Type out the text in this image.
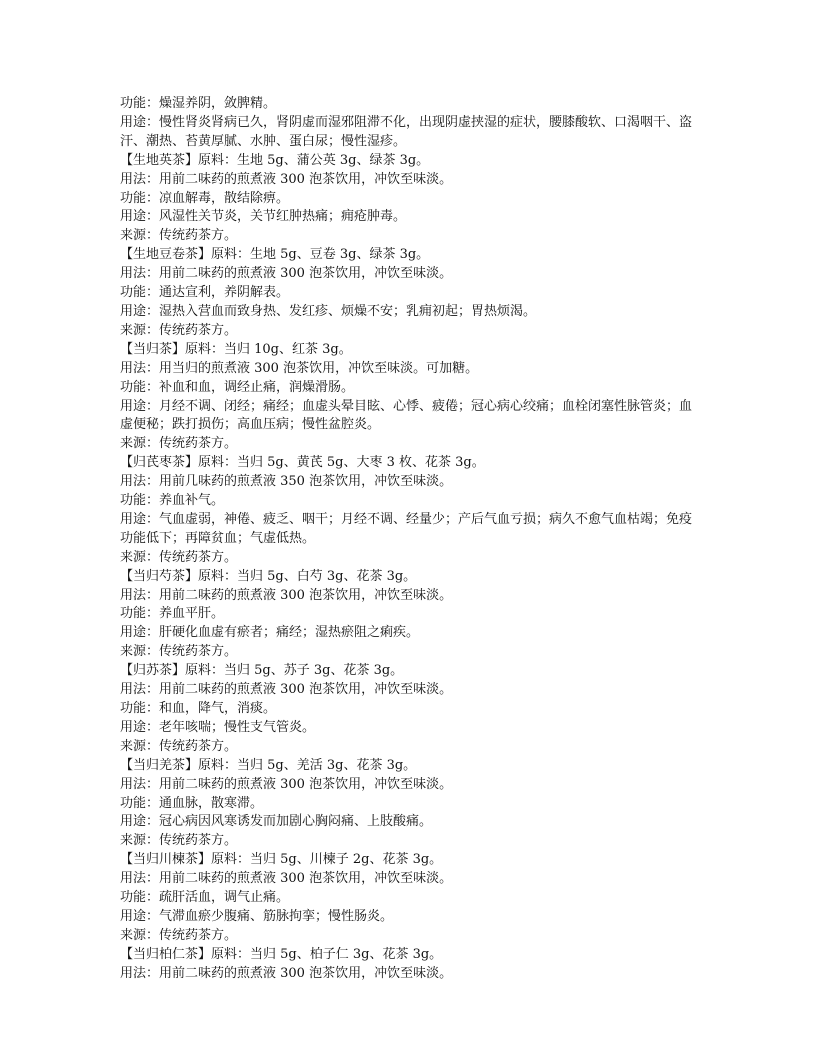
功能：燥湿养阴，敛脾精。
用途：慢性肾炎肾病已久，肾阴虚而湿邪阻滞不化，出现阴虚挟湿的症状，腰膝酸软、口渴咽干、盗汗、潮热、苔黄厚腻、水肿、蛋白尿；慢性湿疹。
【生地英茶】原料：生地 5g、蒲公英 3g、绿茶 3g。
用法：用前二味药的煎煮液 300 泡茶饮用，冲饮至味淡。
功能：凉血解毒，散结除痹。
用途：风湿性关节炎，关节红肿热痛；痈疮肿毒。
来源：传统药茶方。
【生地豆卷茶】原料：生地 5g、豆卷 3g、绿茶 3g。
用法：用前二味药的煎煮液 300 泡茶饮用，冲饮至味淡。
功能：通达宣利，养阴解表。
用途：湿热入营血而致身热、发红疹、烦燥不安；乳痈初起；胃热烦渴。
来源：传统药茶方。
【当归茶】原料：当归 10g、红茶 3g。
用法：用当归的煎煮液 300 泡茶饮用，冲饮至味淡。可加糖。
功能：补血和血，调经止痛，润燥滑肠。
用途：月经不调、闭经；痛经；血虚头晕目眩、心悸、疲倦；冠心病心绞痛；血栓闭塞性脉管炎；血虚便秘；跌打损伤；高血压病；慢性盆腔炎。
来源：传统药茶方。
【归芪枣茶】原料：当归 5g、黄芪 5g、大枣 3 枚、花茶 3g。
用法：用前几味药的煎煮液 350 泡茶饮用，冲饮至味淡。
功能：养血补气。
用途：气血虚弱，神倦、疲乏、咽干；月经不调、经量少；产后气血亏损；病久不愈气血枯竭；免疫功能低下；再障贫血；气虚低热。
来源：传统药茶方。
【当归芍茶】原料：当归 5g、白芍 3g、花茶 3g。
用法：用前二味药的煎煮液 300 泡茶饮用，冲饮至味淡。
功能：养血平肝。
用途：肝硬化血虚有瘀者；痛经；湿热瘀阻之痢疾。
来源：传统药茶方。
【归苏茶】原料：当归 5g、苏子 3g、花茶 3g。
用法：用前二味药的煎煮液 300 泡茶饮用，冲饮至味淡。
功能：和血，降气，消痰。
用途：老年咳喘；慢性支气管炎。
来源：传统药茶方。
【当归羌茶】原料：当归 5g、羌活 3g、花茶 3g。
用法：用前二味药的煎煮液 300 泡茶饮用，冲饮至味淡。
功能：通血脉，散寒滞。
用途：冠心病因风寒诱发而加剧心胸闷痛、上肢酸痛。
来源：传统药茶方。
【当归川楝茶】原料：当归 5g、川楝子 2g、花茶 3g。
用法：用前二味药的煎煮液 300 泡茶饮用，冲饮至味淡。
功能：疏肝活血，调气止痛。
用途：气滞血瘀少腹痛、筋脉拘挛；慢性肠炎。
来源：传统药茶方。
【当归柏仁茶】原料：当归 5g、柏子仁 3g、花茶 3g。
用法：用前二味药的煎煮液 300 泡茶饮用，冲饮至味淡。
